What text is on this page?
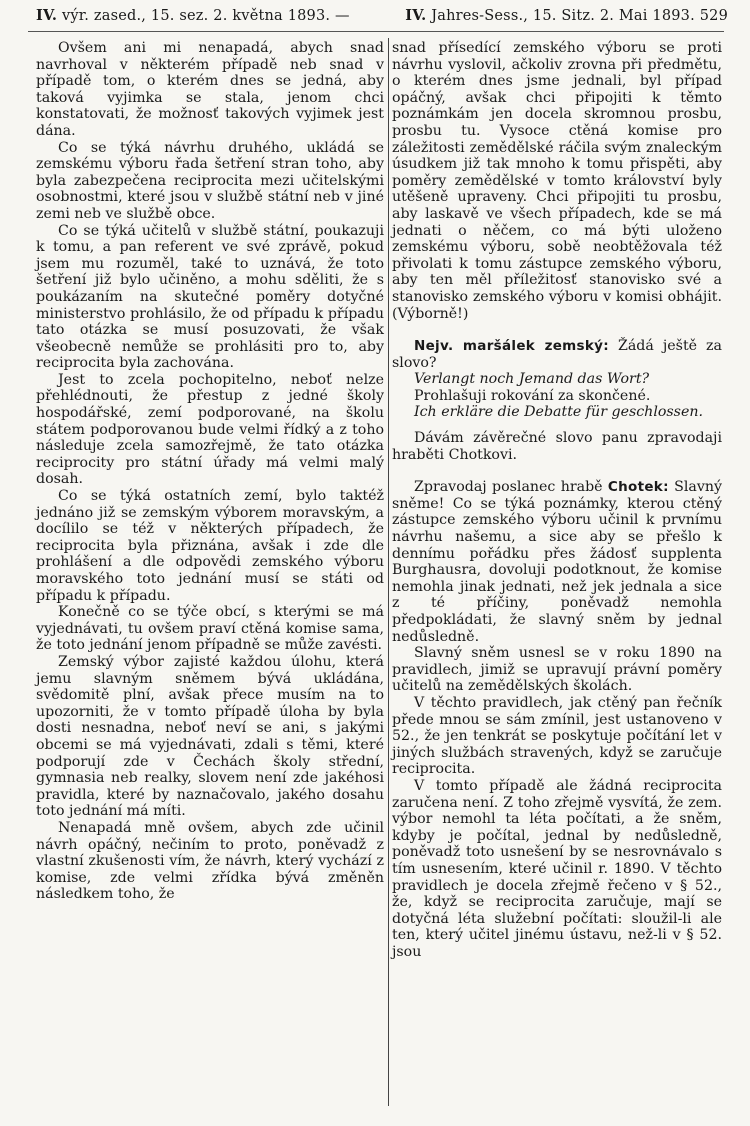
IV. výr. zased., 15. sez. 2. května 1893. —	IV. Jahres-Sess., 15. Sitz. 2. Mai 1893. 529

Ovšem ani mi nenapadá, abych snad navrhoval v některém případě neb snad v případě tom, o kterém dnes se jedná, aby taková vyjimka se stala, jenom chci konstatovati, že možnosť takových vyjimek jest dána.

Co se týká návrhu druhého, ukládá se zemskému výboru řada šetření stran toho, aby byla zabezpečena reciprocita mezi učitelskými osobnostmi, které jsou v službě státní neb v jiné zemi neb ve službě obce.

Co se týká učitelů v službě státní, poukazuji k tomu, a pan referent ve své zprávě, pokud jsem mu rozuměl, také to uznává, že toto šetření již bylo učiněno, a mohu sděliti, že s poukázaním na skutečné poměry dotyčné ministerstvo prohlásilo, že od případu k případu tato otázka se musí posuzovati, že však všeobecně nemůže se prohlásiti pro to, aby reciprocita byla zachována.

Jest to zcela pochopitelno, neboť nelze přehlédnouti, že přestup z jedné školy hospodářské, zemí podporované, na školu státem podporovanou bude velmi řídký a z toho následuje zcela samozřejmě, že tato otázka reciprocity pro státní úřady má velmi malý dosah.

Co se týká ostatních zemí, bylo taktéž jednáno již se zemským výborem moravským, a docílilo se též v některých případech, že reciprocita byla přiznána, avšak i zde dle prohlášení a dle odpovědi zemského výboru moravského toto jednání musí se státi od případu k případu.

Konečně co se týče obcí, s kterými se má vyjednávati, tu ovšem praví ctěná komise sama, že toto jednání jenom případně se může zavésti.

Zemský výbor zajisté každou úlohu, která jemu slavným sněmem bývá ukládána, svědomitě plní, avšak přece musím na to upozorniti, že v tomto případě úloha by byla dosti nesnadna, neboť neví se ani, s jakými obcemi se má vyjednávati, zdali s těmi, které podporují zde v Čechách školy střední, gymnasia neb realky, slovem není zde jakéhosi pravidla, které by naznačovalo, jakého dosahu toto jednání má míti.

Nenapadá mně ovšem, abych zde učinil návrh opáčný, nečiním to proto, poněvadž z vlastní zkušenosti vím, že návrh, který vychází z komise, zde velmi zřídka bývá změněn následkem toho, že

snad přísedící zemského výboru se proti návrhu vyslovil, ačkoliv zrovna při předmětu, o kterém dnes jsme jednali, byl případ opáčný, avšak chci připojiti k těmto poznámkám jen docela skromnou prosbu, prosbu tu. Vysoce ctěná komise pro záležitosti zemědělské ráčila svým znaleckým úsudkem již tak mnoho k tomu přispěti, aby poměry zemědělské v tomto království byly utěšeně upraveny. Chci připojiti tu prosbu, aby laskavě ve všech případech, kde se má jednati o něčem, co má býti uloženo zemskému výboru, sobě neobtěžovala též přivolati k tomu zástupce zemského výboru, aby ten měl příležitosť stanovisko své a stanovisko zemského výboru v komisi obhájit. (Výborně!)

Nejv. maršálek zemský: Žádá ještě za slovo?

Verlangt noch Jemand das Wort?

Prohlašuji rokování za skončené.

Ich erkläre die Debatte für geschlossen.

Dávám závěrečné slovo panu zpravodaji hraběti Chotkovi.

Zpravodaj poslanec hrabě Chotek: Slavný sněme! Co se týká poznámky, kterou ctěný zástupce zemského výboru učinil k prvnímu návrhu našemu, a sice aby se přešlo k dennímu pořádku přes žádosť supplenta Burghausra, dovoluji podotknout, že komise nemohla jinak jednati, než jek jednala a sice z té příčiny, poněvadž nemohla předpokládati, že slavný sněm by jednal nedůsledně.

Slavný sněm usnesl se v roku 1890 na pravidlech, jimiž se upravují právní poměry učitelů na zemědělských školách.

V těchto pravidlech, jak ctěný pan řečník přede mnou se sám zmínil, jest ustanoveno v 52., že jen tenkrát se poskytuje počítání let v jiných službách stravených, když se zaručuje reciprocita.

V tomto případě ale žádná reciprocita zaručena není. Z toho zřejmě vysvítá, že zem. výbor nemohl ta léta počítati, a že sněm, kdyby je počítal, jednal by nedůsledně, poněvadž toto usnešení by se nesrovnávalo s tím usnesením, které učinil r. 1890. V těchto pravidlech je docela zřejmě řečeno v § 52., že, když se reciprocita zaručuje, mají se dotyčná léta služební počítati: sloužil-li ale ten, který učitel jinému ústavu, než-li v § 52. jsou
